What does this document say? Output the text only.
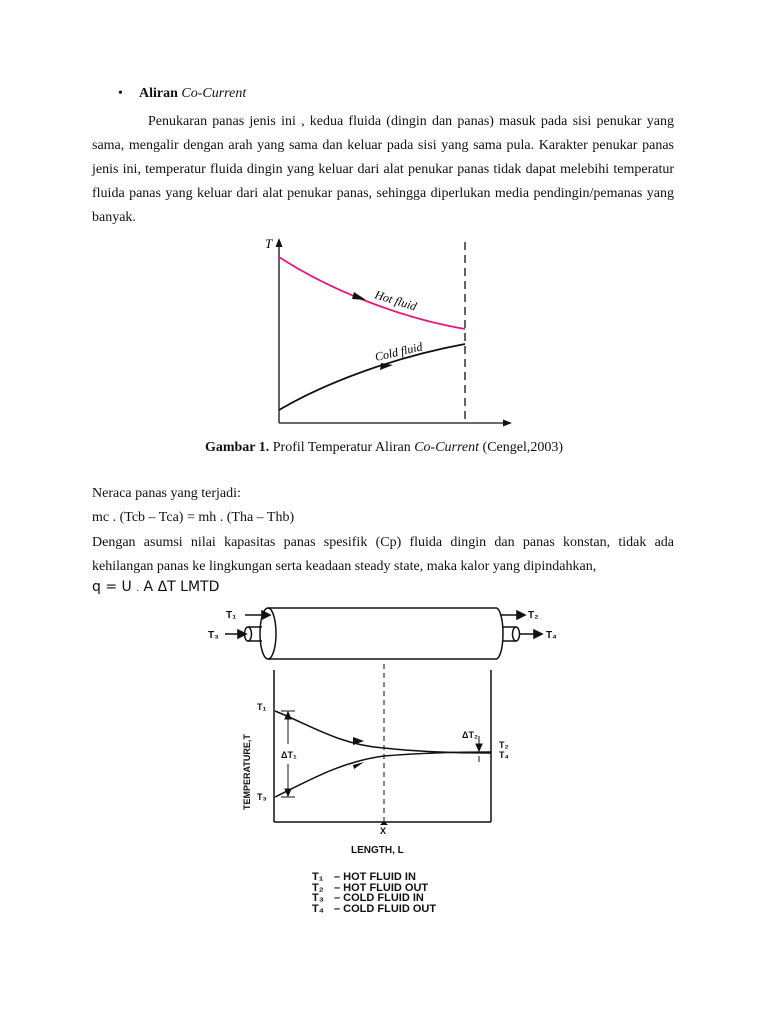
• Aliran Co-Current

Penukaran panas jenis ini , kedua fluida (dingin dan panas) masuk pada sisi penukar yang sama, mengalir dengan arah yang sama dan keluar pada sisi yang sama pula. Karakter penukar panas jenis ini, temperatur fluida dingin yang keluar dari alat penukar panas tidak dapat melebihi temperatur fluida panas yang keluar dari alat penukar panas, sehingga diperlukan media pendingin/pemanas yang banyak.

T
Hot fluid
Cold fluid
Gambar 1. Profil Temperatur Aliran Co-Current (Cengel,2003)
Neraca panas yang terjadi:
mc . (Tcb – Tca) = mh . (Tha – Thb)

Dengan asumsi nilai kapasitas panas spesifik (Cp) fluida dingin dan panas konstan, tidak ada kehilangan panas ke lingkungan serta keadaan steady state, maka kalor yang dipindahkan,

q = U . A ΔT LMTD
T₁
T₃
T₂
T₄
T₁
T₃
T₂
T₄
ΔT₁
ΔT₂
X
LENGTH, L
TEMPERATURE,T
T₁ – HOT FLUID IN
T₂ – HOT FLUID OUT
T₃ – COLD FLUID IN
T₄ – COLD FLUID OUT
